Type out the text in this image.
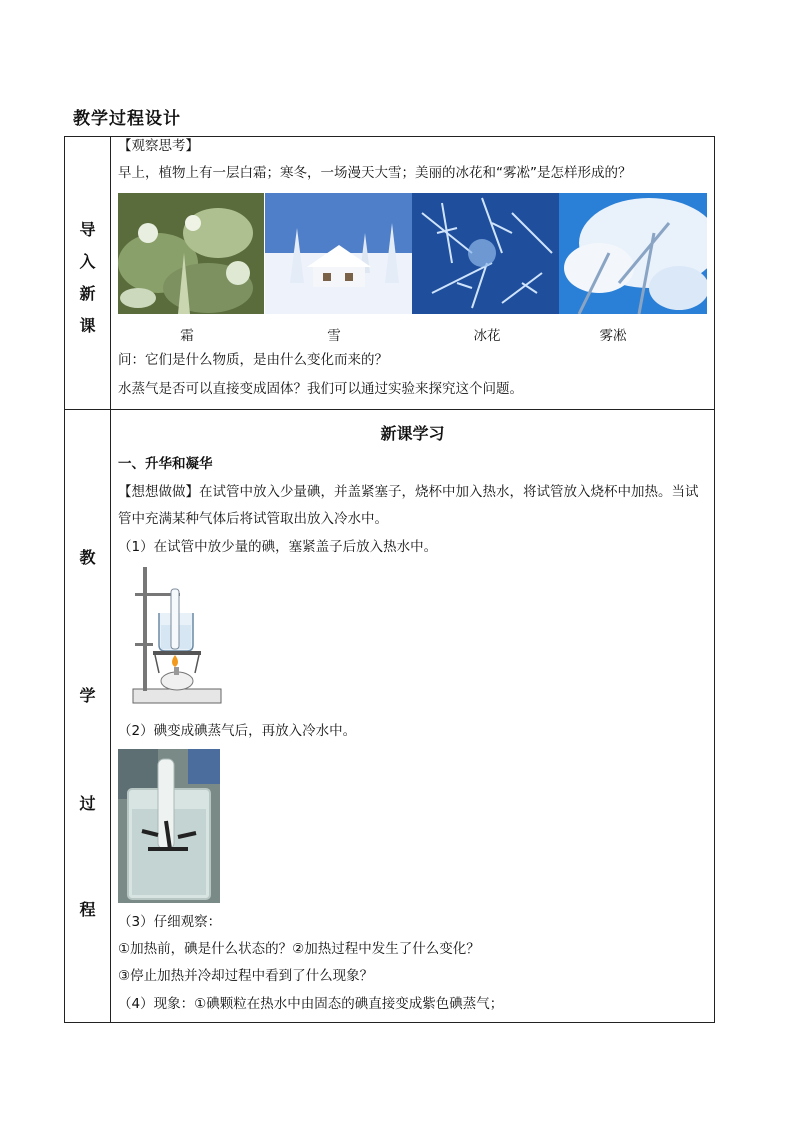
教学过程设计
导
入
新
课
【观察思考】
早上，植物上有一层白霜；寒冬，一场漫天大雪；美丽的冰花和“雾凇”是怎样形成的？
霜	雪	冰花	雾凇
问：它们是什么物质，是由什么变化而来的？
水蒸气是否可以直接变成固体？我们可以通过实验来探究这个问题。
教
学
过
程
新课学习
一、升华和凝华
【想想做做】在试管中放入少量碘，并盖紧塞子，烧杯中加入热水，将试管放入烧杯中加热。当试
管中充满某种气体后将试管取出放入冷水中。
（1）在试管中放少量的碘，塞紧盖子后放入热水中。
（2）碘变成碘蒸气后，再放入冷水中。
（3）仔细观察：
①加热前，碘是什么状态的？②加热过程中发生了什么变化？
③停止加热并冷却过程中看到了什么现象？
（4）现象：①碘颗粒在热水中由固态的碘直接变成紫色碘蒸气；
